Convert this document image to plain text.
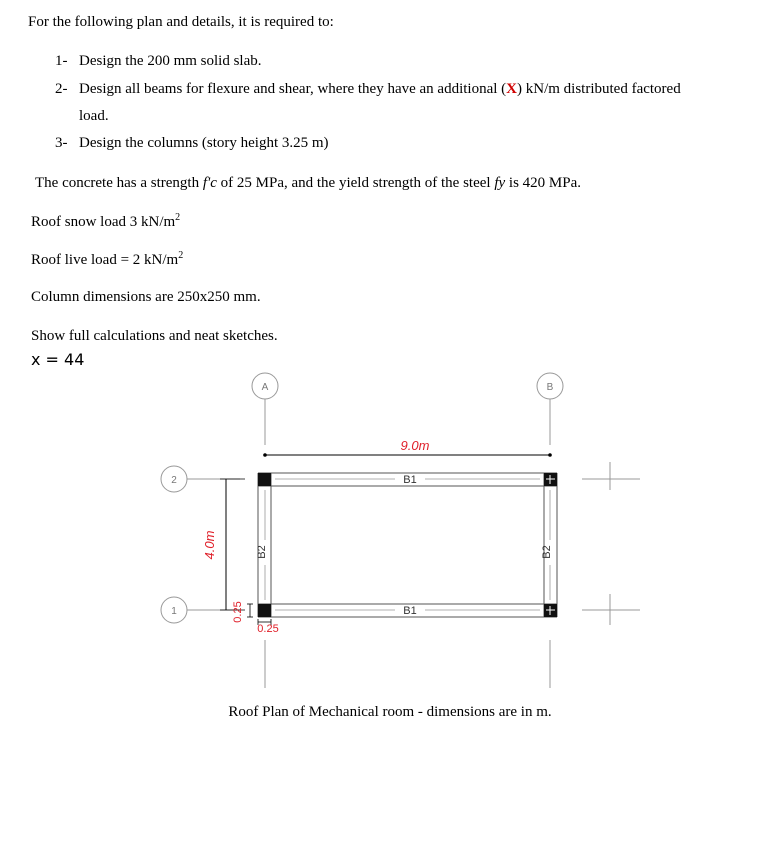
For the following plan and details, it is required to:
1- Design the 200 mm solid slab.
2- Design all beams for flexure and shear, where they have an additional (X) kN/m distributed factored
load.
3- Design the columns (story height 3.25 m)
The concrete has a strength f'c of 25 MPa, and the yield strength of the steel fy is 420 MPa.
Roof snow load 3 $kN/m^2$
Roof live load = 2 $kN/m^2$
Column dimensions are 250x250 mm.
Show full calculations and neat sketches.
x = 44
A	B
2
1
9.0m
4.0m
B1
B1
B2	B2
0.25
0.25
Roof Plan of Mechanical room - dimensions are in m.
